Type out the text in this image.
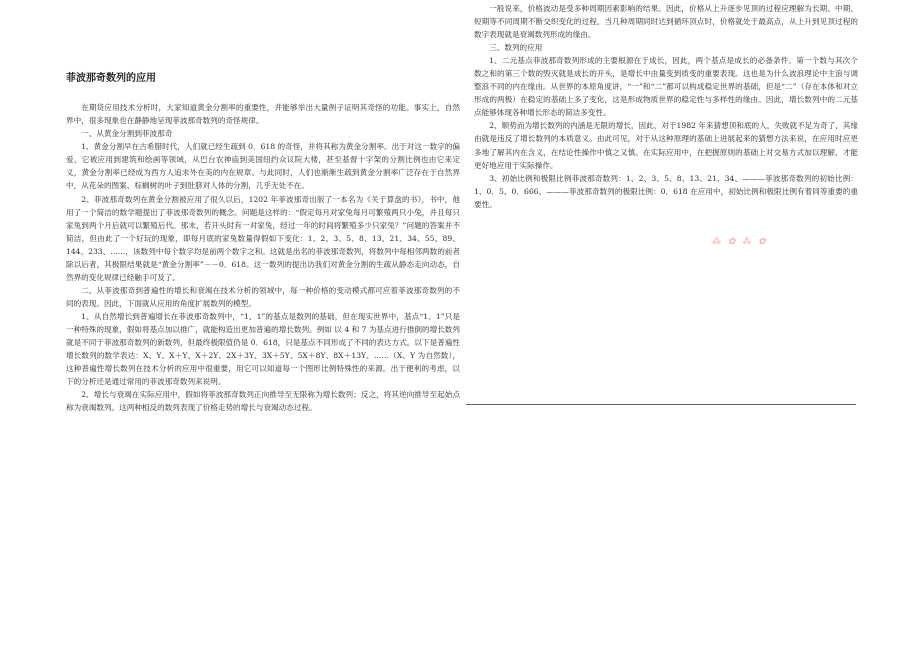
菲波那奇数列的应用

在期货应用技术分析时，大家知道黄金分割率的重要性，并能够举出大量例子证明其奇怪的功能。事实上，自然界中，很多现象也在静静地呈现菲波那奇数列的奇怪规律。

一、从黄金分割到菲波那奇

1、黄金分割早在古希腊时代，人们就已经生疏到 0．618 的奇怪，并将其称为黄金分割率。出于对这一数字的偏爱，它被应用到建筑和绘画等领域，从巴台农神庙到美国纽约众议院大楼，甚至基督十字架的分割比例也由它来定义，黄金分割率已经成为西方人追求外在美的内在规章。与此同时，人们也渐渐生疏到黄金分割率广泛存在于自然界中，从花朵的图案、棕榈树的叶子到肚脐对人体的分割，几乎无处不在。

2、菲波那奇数列在黄金分割被应用了很久以后，1202 年菲波那奇出版了一本名为《关于算盘的书》，书中，他用了一个简洁的数学题提出了菲波那奇数列的概念。问题是这样的：“假定每月对家兔每月可繁殖两只小兔，并且每只家兔到两个月后就可以繁殖后代。那末，若开头时有一对家兔，经过一年的时间将繁殖多少只家兔？”问题的答案并不简洁，但由此了一个好玩的现象，即每月底的家兔数量得假如下变化：1、2、3、5、8、13、21、34、55、89、144、233、……，该数列中每个数字均是前两个数字之和。这就是出名的菲波那奇数列，将数列中每相邻两数的前者除以后者，其极限结果就是“黄金分割率”－－0．618。这一数列的提出访我们对黄金分割的生疏从静态走向动态，自然界的变化规律已经触手可及了。

二、从菲波那奇到普遍性的增长和衰竭在技术分析的领域中，每一种价格的变动模式都可应着菲波那奇数列的不同的表现。因此，下面就从应用的角度扩展数列的模型。

1、从自然增长到普遍增长在菲波那奇数列中，“1、1”的基点是数列的基础，但在现实世界中，基点“1、1”只是一种特殊的现象，假如将基点加以推广，就能构造出更加普遍的增长数列。例如 以 4 和 7 为基点进行推倒的增长数列就是不同于菲波那奇数列的新数列，但最终极限值仍是 0．618，只是基点不同形成了不同的表达方式。以下是普遍性增长数列的数学表达：X、Y、X＋Y、X＋2Y、2X＋3Y、3X＋5Y、5X＋8Y、8X＋13Y、……（X、Y 为自然数），这种普遍性增长数列在技术分析的应用中很重要，用它可以知道每一个图形比例特殊性的来源。出于便利的考虑，以下的分析还是通过常用的菲波那奇数列来说明。

2、增长与衰竭在实际应用中，假如将菲波那奇数列正向推导至无限称为增长数列；反之，将其逆向推导至起始点称为衰竭数列。这两种相反的数列表现了价格走势的增长与衰竭动态过程。

一般说来，价格波动是受多种周期因素影响的结果。因此，价格从上升逐步见顶的过程应理解为长期、中期、短期等不同周期不断交织变化的过程，当几种周期同时达到循环顶点时，价格就处于最高点，从上升到见顶过程的数字表现就是衰竭数列形成的缘由。

三、数列的应用

1、二元基点菲波那奇数列形成的主要根源在于成长，因此，两个基点是成长的必备条件。第一个数与其次个数之和的第三个数的毁灭就是成长的开头，是增长中由量变到质变的重要表现。这也是为什么波浪理论中主浪与调整浪不同的内在缘由。从世界的本原角度讲，“一”和“二”都可以构成稳定世界的基础，但是“二”（存在本体和对立形成的两极）在稳定的基础上多了变化，这是形成物质世界的稳定性与多样性的缘由。因此，增长数列中的二元基点能够体现各种增长形态的简洁多变性。

2、顺势而为增长数列的内涵是无限的增长，因此，对于1982 年来猜想顶和底的人，失败就不足为奇了，其缘由就是违反了增长数列的本质意义。由此可见，对于从这种原理的基础上进展起来的猜想方法来说，在应用时应更多地了解其内在含义，在结论性操作中慎之又慎。在实际应用中，在把握原则的基础上对交易方式加以理解，才能更好地应用于实际操作。

3、初始比例和极限比例菲波那奇数列：1、2、3、5、8、13、21、34、———菲波那奇数列的初始比例：1、0．5、0．666、———菲波那奇数列的极限比例：0．618 在应用中，初始比例和极限比例有着同等重要的重要性。

⁂ ✿ ⁂ ✿
